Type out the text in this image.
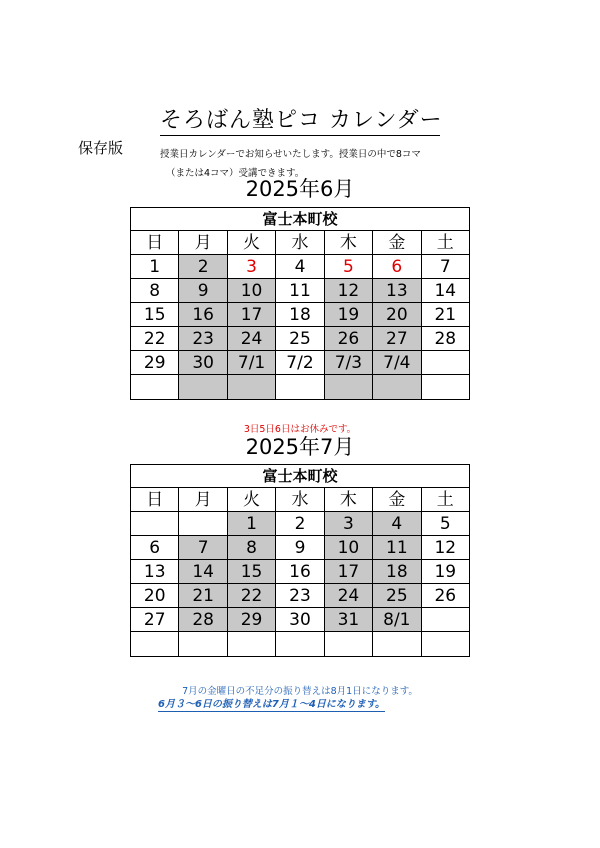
そろばん塾ピコ カレンダー
保存版	授業日カレンダーでお知らせいたします。授業日の中で8コマ
（または4コマ）受講できます。
2025年6月
富士本町校						
日	月	火	水	木	金	土
1	2	3	4	5	6	7
8	9	10	11	12	13	14
15	16	17	18	19	20	21
22	23	24	25	26	27	28
29	30	7/1	7/2	7/3	7/4	

3日5日6日はお休みです。
2025年7月
富士本町校						
日	月	火	水	木	金	土
		1	2	3	4	5
6	7	8	9	10	11	12
13	14	15	16	17	18	19
20	21	22	23	24	25	26
27	28	29	30	31	8/1	

7月の金曜日の不足分の振り替えは8月1日になります。
6月３～6日の振り替えは7月１～4日になります。
